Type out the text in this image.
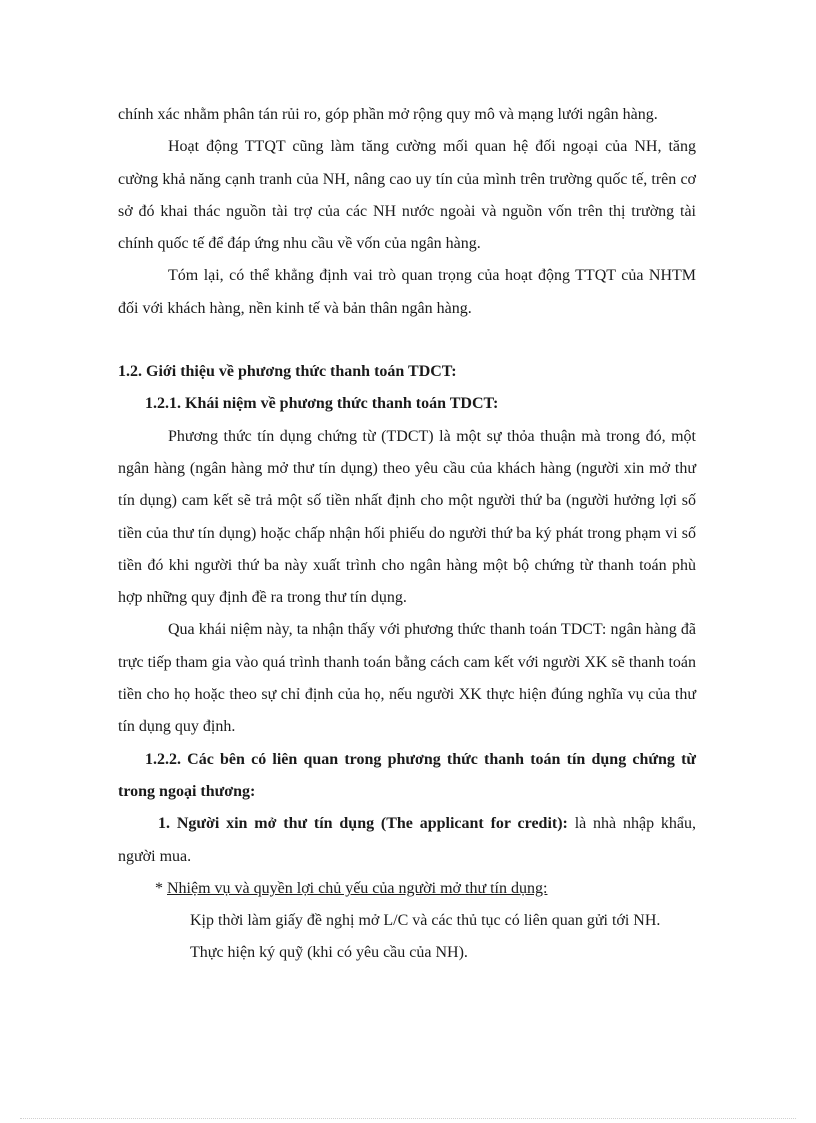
chính xác nhằm phân tán rủi ro, góp phần mở rộng quy mô và mạng lưới ngân hàng.

Hoạt động TTQT cũng làm tăng cường mối quan hệ đối ngoại của NH, tăng cường khả năng cạnh tranh của NH, nâng cao uy tín của mình trên trường quốc tế, trên cơ sở đó khai thác nguồn tài trợ của các NH nước ngoài và nguồn vốn trên thị trường tài chính quốc tế để đáp ứng nhu cầu về vốn của ngân hàng.

Tóm lại, có thể khẳng định vai trò quan trọng của hoạt động TTQT của NHTM đối với khách hàng, nền kinh tế và bản thân ngân hàng.

1.2. Giới thiệu về phương thức thanh toán TDCT:

1.2.1. Khái niệm về phương thức thanh toán TDCT:

Phương thức tín dụng chứng từ (TDCT) là một sự thỏa thuận mà trong đó, một ngân hàng (ngân hàng mở thư tín dụng) theo yêu cầu của khách hàng (người xin mở thư tín dụng) cam kết sẽ trả một số tiền nhất định cho một người thứ ba (người hưởng lợi số tiền của thư tín dụng) hoặc chấp nhận hối phiếu do người thứ ba ký phát trong phạm vi số tiền đó khi người thứ ba này xuất trình cho ngân hàng một bộ chứng từ thanh toán phù hợp những quy định đề ra trong thư tín dụng.

Qua khái niệm này, ta nhận thấy với phương thức thanh toán TDCT: ngân hàng đã trực tiếp tham gia vào quá trình thanh toán bằng cách cam kết với người XK sẽ thanh toán tiền cho họ hoặc theo sự chỉ định của họ, nếu người XK thực hiện đúng nghĩa vụ của thư tín dụng quy định.

1.2.2. Các bên có liên quan trong phương thức thanh toán tín dụng chứng từ trong ngoại thương:

1. Người xin mở thư tín dụng (The applicant for credit): là nhà nhập khẩu, người mua.

* Nhiệm vụ và quyền lợi chủ yếu của người mở thư tín dụng:

Kịp thời làm giấy đề nghị mở L/C và các thủ tục có liên quan gửi tới NH.

Thực hiện ký quỹ (khi có yêu cầu của NH).
